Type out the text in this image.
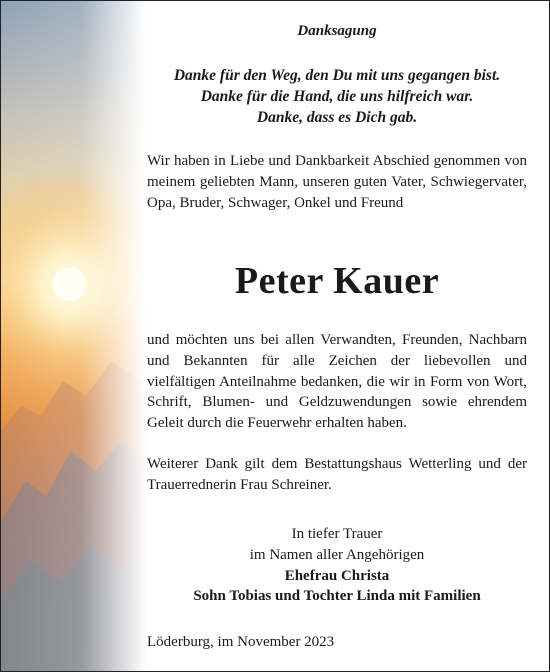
Danksagung
Danke für den Weg, den Du mit uns gegangen bist.
Danke für die Hand, die uns hilfreich war.
Danke, dass es Dich gab.
Wir haben in Liebe und Dankbarkeit Abschied genommen von meinem geliebten Mann, unseren guten Vater, Schwiegervater, Opa, Bruder, Schwager, Onkel und Freund
Peter Kauer
und möchten uns bei allen Verwandten, Freunden, Nachbarn und Bekannten für alle Zeichen der liebevollen und vielfältigen Anteilnahme bedanken, die wir in Form von Wort, Schrift, Blumen- und Geldzuwendungen sowie ehrendem Geleit durch die Feuerwehr erhalten haben.
Weiterer Dank gilt dem Bestattungshaus Wetterling und der Trauerrednerin Frau Schreiner.
In tiefer Trauer
im Namen aller Angehörigen
Ehefrau Christa
Sohn Tobias und Tochter Linda mit Familien
Löderburg, im November 2023
